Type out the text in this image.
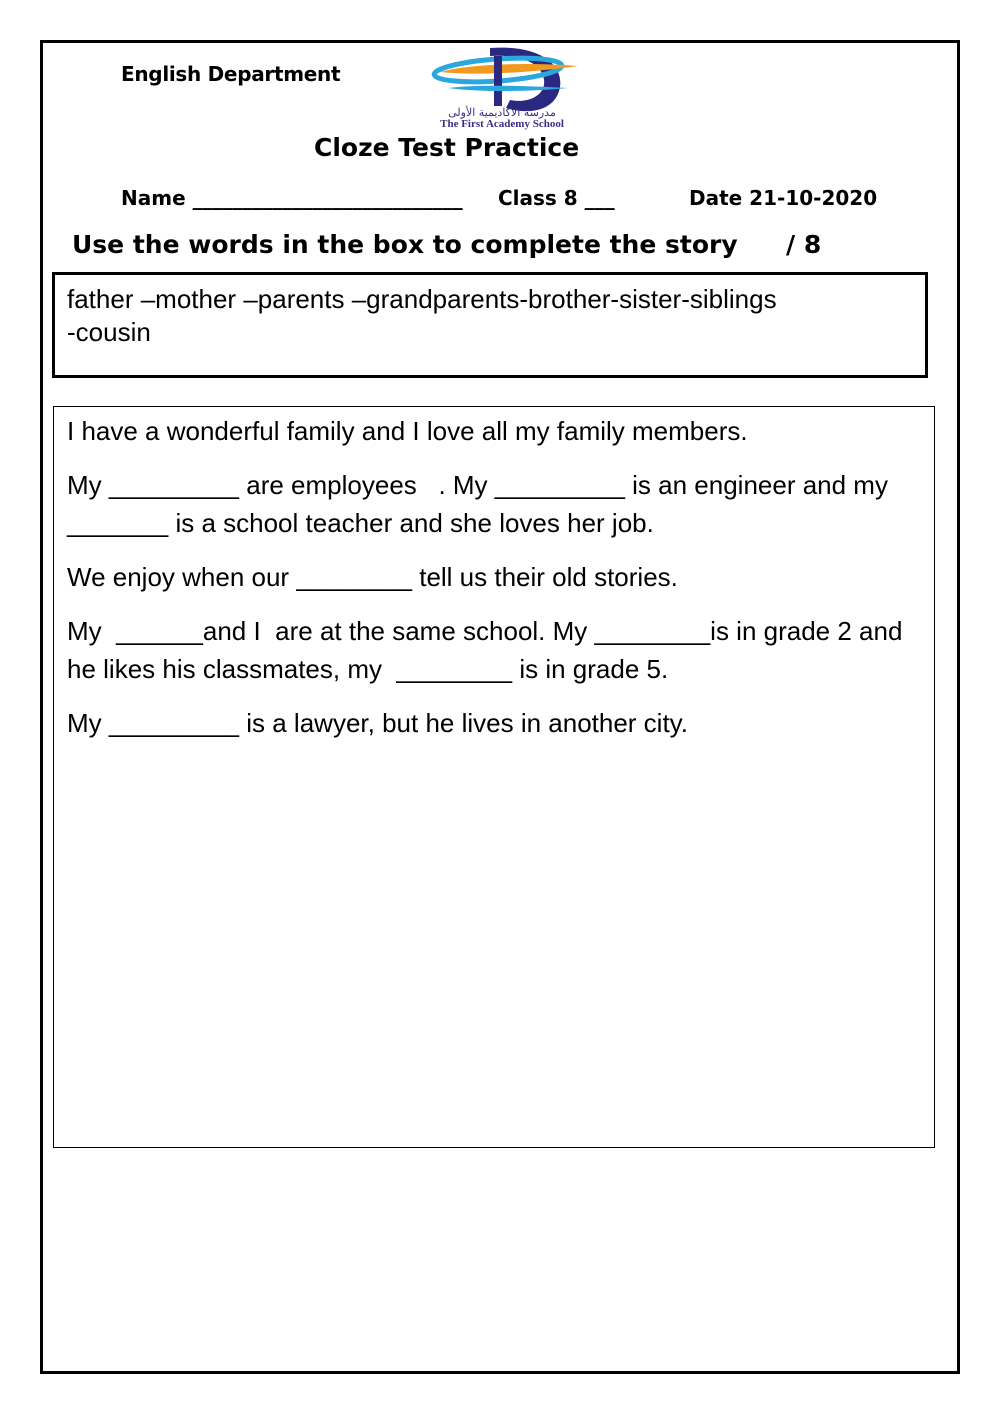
English Department
مدرسة الأكاديمية الأولى
The First Academy School
Cloze Test Practice
Name ___________________________ Class 8 ___	Date 21-10-2020
Use the words in the box to complete the story / 8
father –mother –parents –grandparents-brother-sister-siblings
-cousin

I have a wonderful family and I love all my family members.

My _________ are employees   . My _________ is an engineer and my _______ is a school teacher and she loves her job.

We enjoy when our ________ tell us their old stories.

My  ______and I  are at the same school. My ________is in grade 2 and he likes his classmates, my  ________ is in grade 5.

My _________ is a lawyer, but he lives in another city.
